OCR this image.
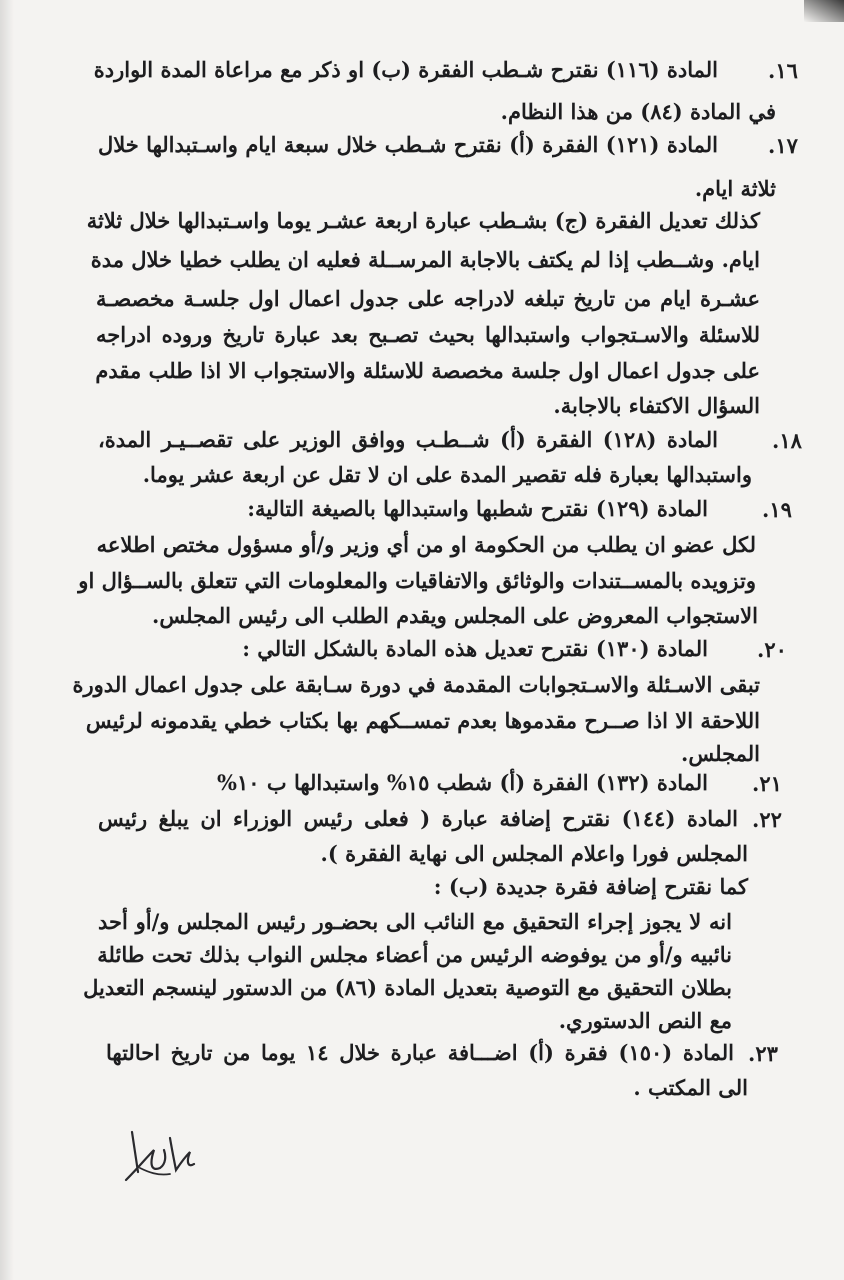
.١٦
المادة (١١٦) نقترح شـطب الفقرة (ب) او ذكر مع مراعاة المدة الواردة
في المادة (٨٤) من هذا النظام.
.١٧
المادة (١٢١) الفقرة (أ) نقترح شـطب خلال سبعة ايام واسـتبدالها خلال
ثلاثة ايام.
كذلك تعديل الفقرة (ج) بشـطب عبارة اربعة عشـر يوما واسـتبدالها خلال ثلاثة
ايام. وشــطب إذا لم يكتف بالاجابة المرســلة فعليه ان يطلب خطيا خلال مدة
عشـرة ايام من تاريخ تبلغه لادراجه على جدول اعمال اول جلسـة مخصصـة
للاسئلة والاسـتجواب واستبدالها بحيث تصـبح بعد عبارة تاريخ وروده ادراجه
على جدول اعمال اول جلسة مخصصة للاسئلة والاستجواب الا اذا طلب مقدم
السؤال الاكتفاء بالاجابة.
.١٨
المادة (١٢٨) الفقرة (أ) شــطـب ووافق الوزير على تقصــيـر المدة،
واستبدالها بعبارة فله تقصير المدة على ان لا تقل عن اربعة عشر يوما.
.١٩
المادة (١٢٩) نقترح شطبها واستبدالها بالصيغة التالية:
لكل عضو ان يطلب من الحكومة او من أي وزير و/أو مسؤول مختص اطلاعه
وتزويده بالمســتندات والوثائق والاتفاقيات والمعلومات التي تتعلق بالســؤال او
الاستجواب المعروض على المجلس ويقدم الطلب الى رئيس المجلس.
.٢٠
المادة (١٣٠) نقترح تعديل هذه المادة بالشكل التالي :
تبقى الاسـئلة والاسـتجوابات المقدمة في دورة سـابقة على جدول اعمال الدورة
اللاحقة الا اذا صــرح مقدموها بعدم تمســكهم بها بكتاب خطي يقدمونه لرئيس
المجلس.
.٢١
المادة (١٣٢) الفقرة (أ) شطب ١٥% واستبدالها ب ١٠%
.٢٢
المادة (١٤٤) نقترح إضافة عبارة ( فعلى رئيس الوزراء ان يبلغ رئيس
المجلس فورا واعلام المجلس الى نهاية الفقرة ).
كما نقترح إضافة فقرة جديدة (ب) :
انه لا يجوز إجراء التحقيق مع النائب الى بحضـور رئيس المجلس و/أو أحد
نائبيه و/أو من يوفوضه الرئيس من أعضاء مجلس النواب بذلك تحت طائلة
بطلان التحقيق مع التوصية بتعديل المادة (٨٦) من الدستور لينسجم التعديل
مع النص الدستوري.
.٢٣
المادة (١٥٠) فقرة (أ) اضـــافة عبارة خلال ١٤ يوما من تاريخ احالتها
الى المكتب .
